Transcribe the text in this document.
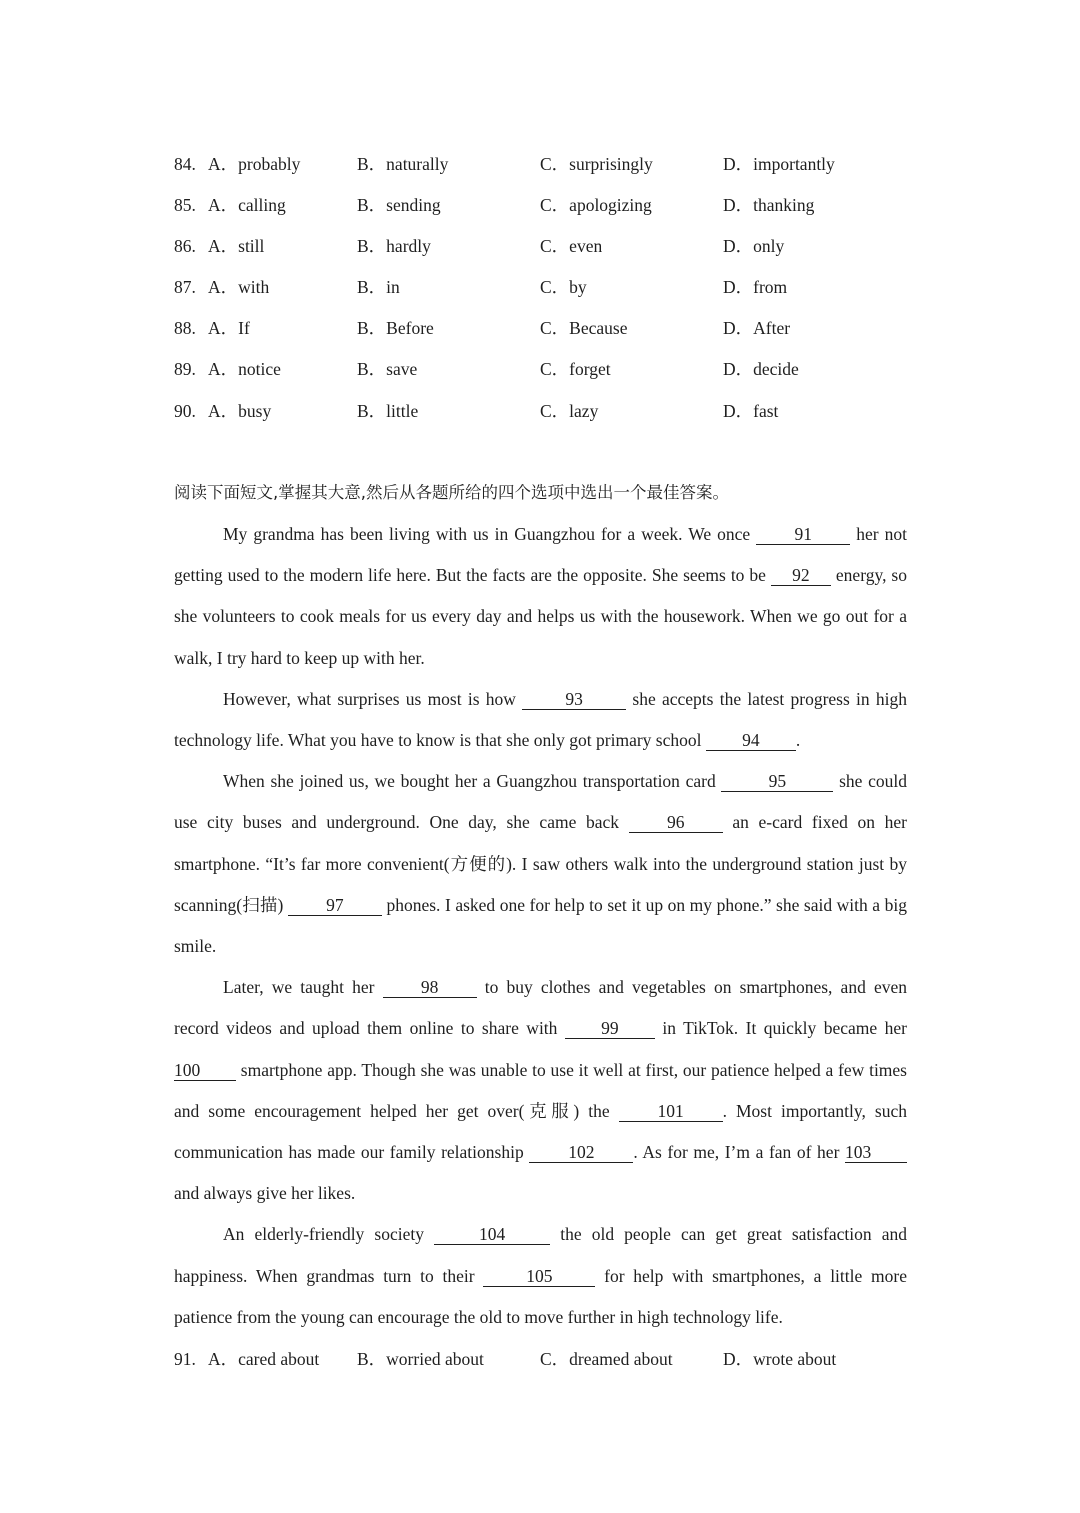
84. A．probably	B．naturally	C．surprisingly	D．importantly
85. A．calling	B．sending	C．apologizing	D．thanking
86. A．still	B．hardly	C．even	D．only
87. A．with	B．in	C．by	D．from
88. A．If	B．Before	C．Because	D．After
89. A．notice	B．save	C．forget	D．decide
90. A．busy	B．little	C．lazy	D．fast
阅读下面短文,掌握其大意,然后从各题所给的四个选项中选出一个最佳答案。

My grandma has been living with us in Guangzhou for a week. We once 91 her not getting used to the modern life here. But the facts are the opposite. She seems to be 92 energy, so she volunteers to cook meals for us every day and helps us with the housework. When we go out for a walk, I try hard to keep up with her.

However, what surprises us most is how 93 she accepts the latest progress in high technology life. What you have to know is that she only got primary school 94 .

When she joined us, we bought her a Guangzhou transportation card	95	she could use city buses and underground. One day, she came back 96 an e-card fixed on her smartphone. “It’s far more convenient(方便的). I saw others walk into the underground station just by scanning(扫描) 97 phones. I asked one for help to set it up on my phone.” she said with a big smile.

Later, we taught her 98 to buy clothes and vegetables on smartphones, and even record videos and upload them online to share with 99 in TikTok. It quickly became her 100 smartphone app. Though she was unable to use it well at first, our patience helped a few times and some encouragement helped her get over(克服) the 101 . Most importantly, such communication has made our family relationship 102 . As for me, I’m a fan of her 103 and always give her likes.

An elderly-friendly society	104	the old people can get great satisfaction and happiness. When grandmas turn to their 105 for help with smartphones, a little more patience from the young can encourage the old to move further in high technology life.

91. A．cared about B．worried about	C．dreamed about	D．wrote about
